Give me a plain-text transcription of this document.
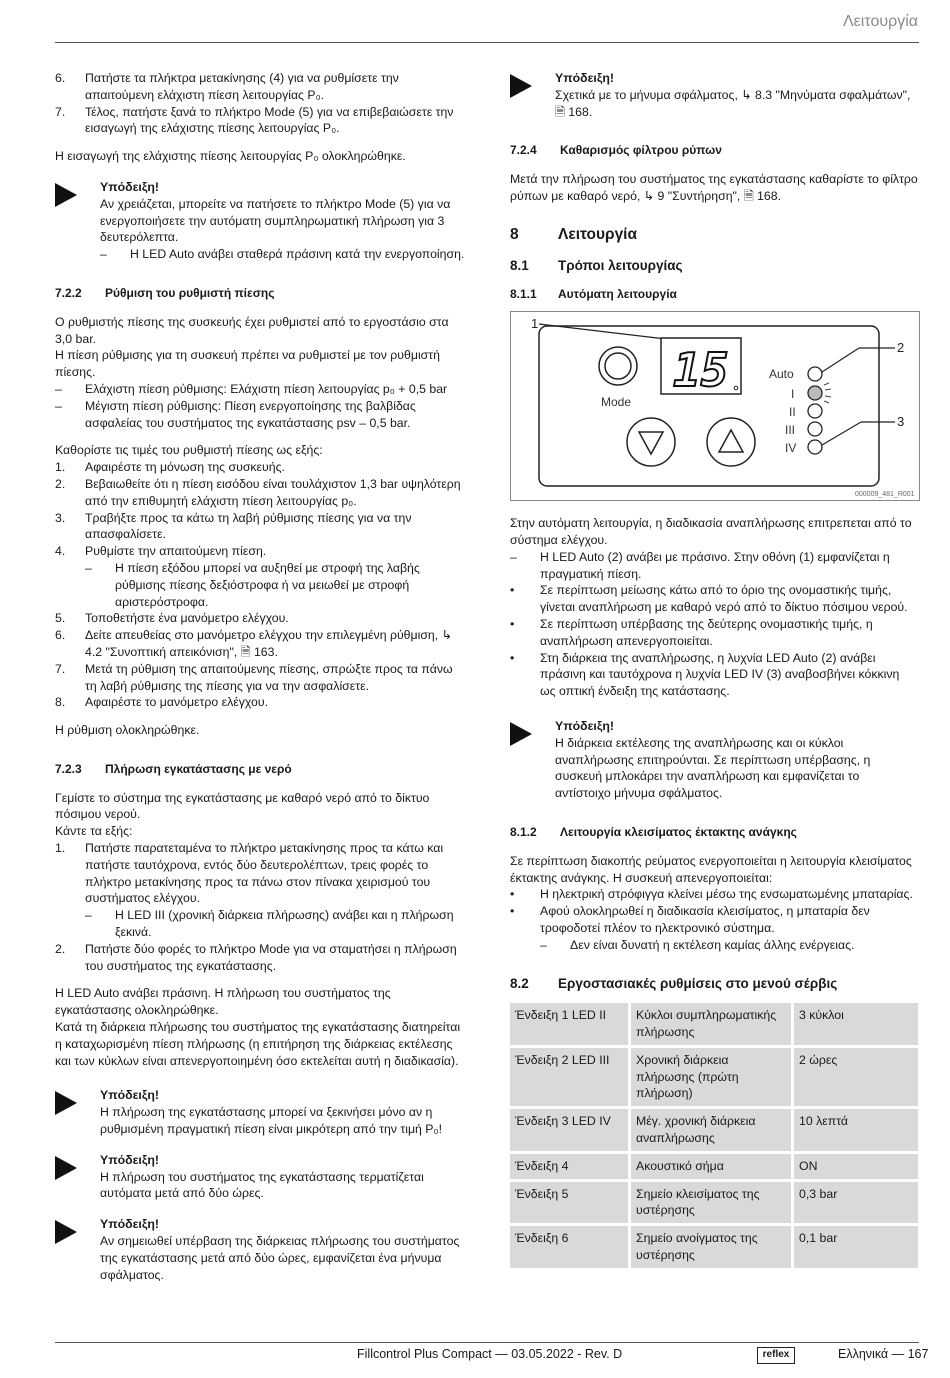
Λειτουργία
6.	Πατήστε τα πλήκτρα μετακίνησης (4) για να ρυθμίσετε την απαιτούμενη ελάχιστη πίεση λειτουργίας P₀.
7.	Τέλος, πατήστε ξανά το πλήκτρο Mode (5) για να επιβεβαιώσετε την εισαγωγή της ελάχιστης πίεσης λειτουργίας P₀.

Η εισαγωγή της ελάχιστης πίεσης λειτουργίας P₀ ολοκληρώθηκε.

Υπόδειξη!
Αν χρειάζεται, μπορείτε να πατήσετε το πλήκτρο Mode (5) για να ενεργοποιήσετε την αυτόματη συμπληρωματική πλήρωση για 3 δευτερόλεπτα.
–	Η LED Auto ανάβει σταθερά πράσινη κατά την ενεργοποίηση.
7.2.2	Ρύθμιση του ρυθμιστή πίεσης

Ο ρυθμιστής πίεσης της συσκευής έχει ρυθμιστεί από το εργοστάσιο στα 3,0 bar.

Η πίεση ρύθμισης για τη συσκευή πρέπει να ρυθμιστεί με τον ρυθμιστή πίεσης.

–	Ελάχιστη πίεση ρύθμισης: Ελάχιστη πίεση λειτουργίας p₀ + 0,5 bar
–	Μέγιστη πίεση ρύθμισης: Πίεση ενεργοποίησης της βαλβίδας ασφαλείας του συστήματος της εγκατάστασης psv – 0,5 bar.

Καθορίστε τις τιμές του ρυθμιστή πίεσης ως εξής:

1.	Αφαιρέστε τη μόνωση της συσκευής.
2.	Βεβαιωθείτε ότι η πίεση εισόδου είναι τουλάχιστον 1,3 bar υψηλότερη από την επιθυμητή ελάχιστη πίεση λειτουργίας p₀.
3.	Τραβήξτε προς τα κάτω τη λαβή ρύθμισης πίεσης για να την απασφαλίσετε.
4.	Ρυθμίστε την απαιτούμενη πίεση.
–	Η πίεση εξόδου μπορεί να αυξηθεί με στροφή της λαβής ρύθμισης πίεσης δεξιόστροφα ή να μειωθεί με στροφή αριστερόστροφα.
5.	Τοποθετήστε ένα μανόμετρο ελέγχου.
6.	Δείτε απευθείας στο μανόμετρο ελέγχου την επιλεγμένη ρύθμιση, ↳ 4.2 "Συνοπτική απεικόνιση", 🗎 163.
7.	Μετά τη ρύθμιση της απαιτούμενης πίεσης, σπρώξτε προς τα πάνω τη λαβή ρύθμισης της πίεσης για να την ασφαλίσετε.
8.	Αφαιρέστε το μανόμετρο ελέγχου.

Η ρύθμιση ολοκληρώθηκε.

7.2.3	Πλήρωση εγκατάστασης με νερό

Γεμίστε το σύστημα της εγκατάστασης με καθαρό νερό από το δίκτυο πόσιμου νερού.

Κάντε τα εξής:

1.	Πατήστε παρατεταμένα το πλήκτρο μετακίνησης προς τα κάτω και πατήστε ταυτόχρονα, εντός δύο δευτερολέπτων, τρεις φορές το πλήκτρο μετακίνησης προς τα πάνω στον πίνακα χειρισμού του συστήματος ελέγχου.
–	Η LED III (χρονική διάρκεια πλήρωσης) ανάβει και η πλήρωση ξεκινά.
2.	Πατήστε δύο φορές το πλήκτρο Mode για να σταματήσει η πλήρωση του συστήματος της εγκατάστασης.

Η LED Auto ανάβει πράσινη. Η πλήρωση του συστήματος της εγκατάστασης ολοκληρώθηκε.

Κατά τη διάρκεια πλήρωσης του συστήματος της εγκατάστασης διατηρείται η καταχωρισμένη πίεση πλήρωσης (η επιτήρηση της διάρκειας εκτέλεσης και των κύκλων είναι απενεργοποιημένη όσο εκτελείται αυτή η διαδικασία).

Υπόδειξη!
Η πλήρωση της εγκατάστασης μπορεί να ξεκινήσει μόνο αν η ρυθμισμένη πραγματική πίεση είναι μικρότερη από την τιμή P₀!
Υπόδειξη!
Η πλήρωση του συστήματος της εγκατάστασης τερματίζεται αυτόματα μετά από δύο ώρες.
Υπόδειξη!
Αν σημειωθεί υπέρβαση της διάρκειας πλήρωσης του συστήματος της εγκατάστασης μετά από δύο ώρες, εμφανίζεται ένα μήνυμα σφάλματος.
Υπόδειξη!
Σχετικά με το μήνυμα σφάλματος, ↳ 8.3 "Μηνύματα σφαλμάτων", 🗎 168.
7.2.4	Καθαρισμός φίλτρου ρύπων

Μετά την πλήρωση του συστήματος της εγκατάστασης καθαρίστε το φίλτρο ρύπων με καθαρό νερό, ↳ 9 "Συντήρηση", 🗎 168.

8	Λειτουργία
8.1	Τρόποι λειτουργίας
8.1.1	Αυτόματη λειτουργία
1
15
Mode
Auto
I
II
III
IV
2
3
000009_481_R001

Στην αυτόματη λειτουργία, η διαδικασία αναπλήρωσης επιτρεπεται από το σύστημα ελέγχου.

–	Η LED Auto (2) ανάβει με πράσινο. Στην οθόνη (1) εμφανίζεται η πραγματική πίεση.
•	Σε περίπτωση μείωσης κάτω από το όριο της ονομαστικής τιμής, γίνεται αναπλήρωση με καθαρό νερό από το δίκτυο πόσιμου νερού.
•	Σε περίπτωση υπέρβασης της δεύτερης ονομαστικής τιμής, η αναπλήρωση απενεργοποιείται.
•	Στη διάρκεια της αναπλήρωσης, η λυχνία LED Auto (2) ανάβει πράσινη και ταυτόχρονα η λυχνία LED IV (3) αναβοσβήνει κόκκινη ως οπτική ένδειξη της κατάστασης.
Υπόδειξη!
Η διάρκεια εκτέλεσης της αναπλήρωσης και οι κύκλοι αναπλήρωσης επιτηρούνται. Σε περίπτωση υπέρβασης, η συσκευή μπλοκάρει την αναπλήρωση και εμφανίζεται το αντίστοιχο μήνυμα σφάλματος.
8.1.2	Λειτουργία κλεισίματος έκτακτης ανάγκης

Σε περίπτωση διακοπής ρεύματος ενεργοποιείται η λειτουργία κλεισίματος έκτακτης ανάγκης. Η συσκευή απενεργοποιείται:

•	Η ηλεκτρική στρόφιγγα κλείνει μέσω της ενσωματωμένης μπαταρίας.
•	Αφού ολοκληρωθεί η διαδικασία κλεισίματος, η μπαταρία δεν τροφοδοτεί πλέον το ηλεκτρονικό σύστημα.
–	Δεν είναι δυνατή η εκτέλεση καμίας άλλης ενέργειας.
8.2	Εργοστασιακές ρυθμίσεις στο μενού σέρβις
Ένδειξη 1 LED II	Κύκλοι συμπληρωματικής πλήρωσης	3 κύκλοι
Ένδειξη 2 LED III	Χρονική διάρκεια πλήρωσης (πρώτη πλήρωση)	2 ώρες
Ένδειξη 3 LED IV	Μέγ. χρονική διάρκεια αναπλήρωσης	10 λεπτά
Ένδειξη 4	Ακουστικό σήμα	ON
Ένδειξη 5	Σημείο κλεισίματος της υστέρησης	0,3 bar
Ένδειξη 6	Σημείο ανοίγματος της υστέρησης	0,1 bar
Fillcontrol Plus Compact — 03.05.2022 - Rev. D	reflex	Ελληνικά — 167
